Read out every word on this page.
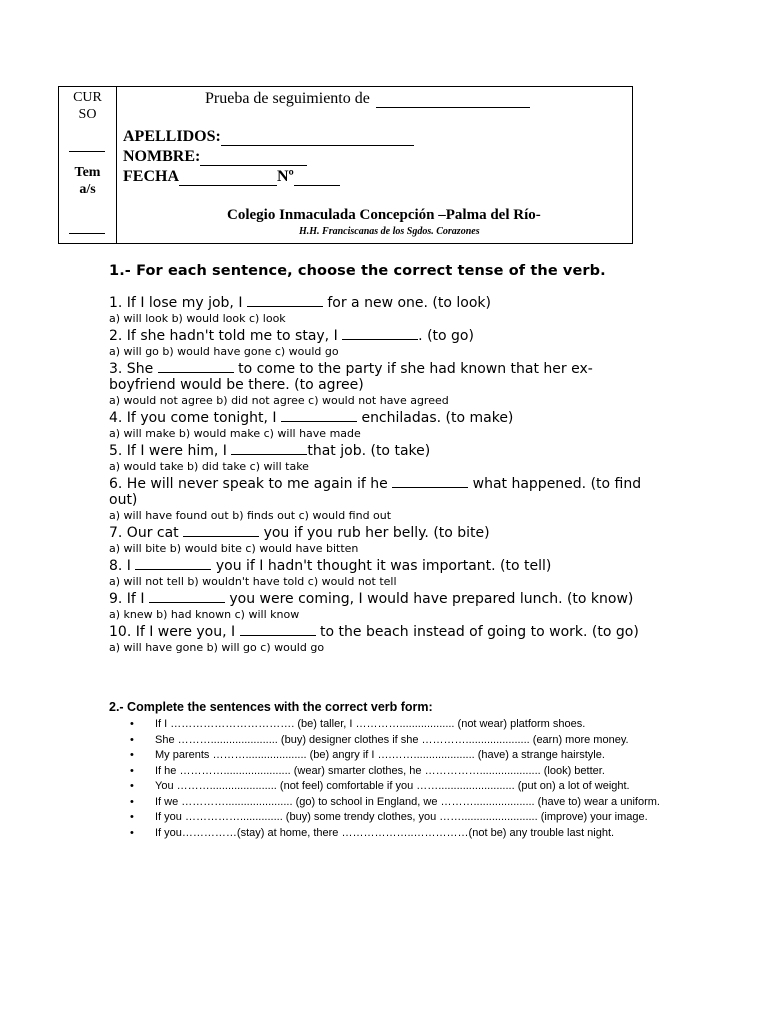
CUR
SO
Tem
a/s
Prueba de seguimiento de
APELLIDOS:
NOMBRE:
FECHA	Nº
Colegio Inmaculada Concepción –Palma del Río-
H.H. Franciscanas de los Sgdos. Corazones

1.- For each sentence, choose the correct tense of the verb.

1. If I lose my job, I	for a new one. (to look)

a) will look b) would look c) look

2. If she hadn't told me to stay, I	. (to go)

a) will go b) would have gone c) would go

3. She	to come to the party if she had known that her ex-boyfriend would be there. (to agree)

a) would not agree b) did not agree c) would not have agreed

4. If you come tonight, I	enchiladas. (to make)

a) will make b) would make c) will have made

5. If I were him, I	that job. (to take)

a) would take b) did take c) will take

6. He will never speak to me again if he	what happened. (to find out)

a) will have found out b) finds out c) would find out

7. Our cat	you if you rub her belly. (to bite)

a) will bite b) would bite c) would have bitten

8. I	you if I hadn't thought it was important. (to tell)

a) will not tell b) wouldn't have told c) would not tell

9. If I	you were coming, I would have prepared lunch. (to know)

a) knew b) had known c) will know

10. If I were you, I	to the beach instead of going to work. (to go)

a) will have gone b) will go c) would go

2.- Complete the sentences with the correct verb form:

• If I ……………………………. (be) taller, I ………….................. (not wear) platform shoes.
• She ………...................... (buy) designer clothes if she …………..................... (earn) more money.
• My parents ……….................... (be) angry if I ….…….................... (have) a strange hairstyle.
• If he …………...................... (wear) smarter clothes, he …………….................... (look) better.
• You ………...................... (not feel) comfortable if you ……......................... (put on) a lot of weight.
• If we …………...................... (go) to school in England, we ……….................... (have to) wear a uniform.
• If you …………….............. (buy) some trendy clothes, you ……......................... (improve) your image.
• If you……………(stay) at home, there ………………..……………(not be) any trouble last night.
